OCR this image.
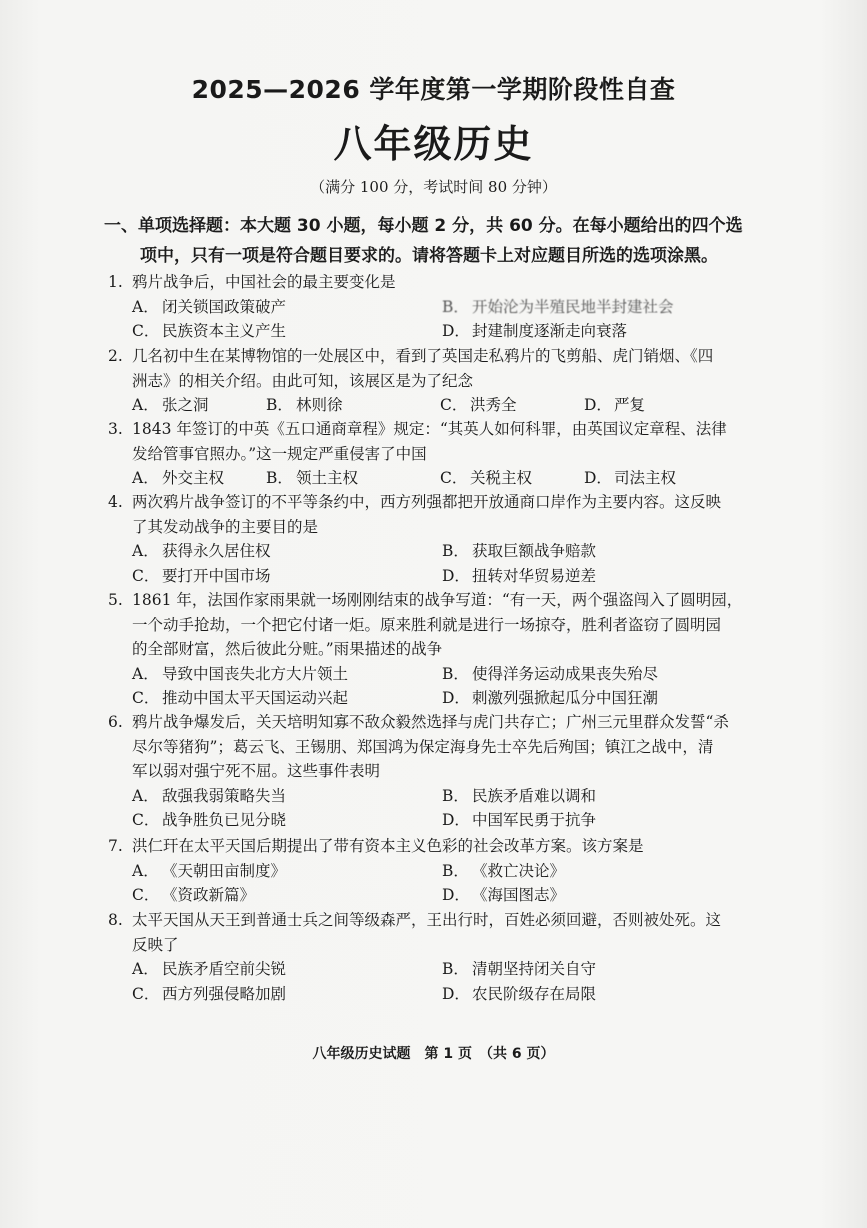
2025—2026 学年度第一学期阶段性自查
八年级历史
（满分 100 分，考试时间 80 分钟）
一、单项选择题：本大题 30 小题，每小题 2 分，共 60 分。在每小题给出的四个选
项中，只有一项是符合题目要求的。请将答题卡上对应题目所选的选项涂黑。
1. 鸦片战争后，中国社会的最主要变化是
A． 闭关锁国政策破产	B． 开始沦为半殖民地半封建社会
C． 民族资本主义产生	D． 封建制度逐渐走向衰落
2. 几名初中生在某博物馆的一处展区中，看到了英国走私鸦片的飞剪船、虎门销烟、《四
洲志》的相关介绍。由此可知，该展区是为了纪念
A． 张之洞	B． 林则徐	C． 洪秀全	D． 严复
3. 1843 年签订的中英《五口通商章程》规定：“其英人如何科罪，由英国议定章程、法律
发给管事官照办。”这一规定严重侵害了中国
A． 外交主权	B． 领土主权	C． 关税主权	D． 司法主权
4. 两次鸦片战争签订的不平等条约中，西方列强都把开放通商口岸作为主要内容。这反映
了其发动战争的主要目的是
A． 获得永久居住权	B． 获取巨额战争赔款
C． 要打开中国市场	D． 扭转对华贸易逆差
5. 1861 年，法国作家雨果就一场刚刚结束的战争写道：“有一天，两个强盗闯入了圆明园，
一个动手抢劫，一个把它付诸一炬。原来胜利就是进行一场掠夺，胜利者盗窃了圆明园
的全部财富，然后彼此分赃。”雨果描述的战争
A． 导致中国丧失北方大片领土	B． 使得洋务运动成果丧失殆尽
C． 推动中国太平天国运动兴起	D． 刺激列强掀起瓜分中国狂潮
6. 鸦片战争爆发后，关天培明知寡不敌众毅然选择与虎门共存亡；广州三元里群众发誓“杀
尽尔等猪狗”；葛云飞、王锡朋、郑国鸿为保定海身先士卒先后殉国；镇江之战中，清
军以弱对强宁死不屈。这些事件表明
A． 敌强我弱策略失当	B． 民族矛盾难以调和
C． 战争胜负已见分晓	D． 中国军民勇于抗争
7. 洪仁玕在太平天国后期提出了带有资本主义色彩的社会改革方案。该方案是
A． 《天朝田亩制度》	B． 《救亡决论》
C． 《资政新篇》	D． 《海国图志》
8. 太平天国从天王到普通士兵之间等级森严，王出行时，百姓必须回避，否则被处死。这
反映了
A． 民族矛盾空前尖锐	B． 清朝坚持闭关自守
C． 西方列强侵略加剧	D． 农民阶级存在局限
八年级历史试题　第 1 页　（共 6 页）
